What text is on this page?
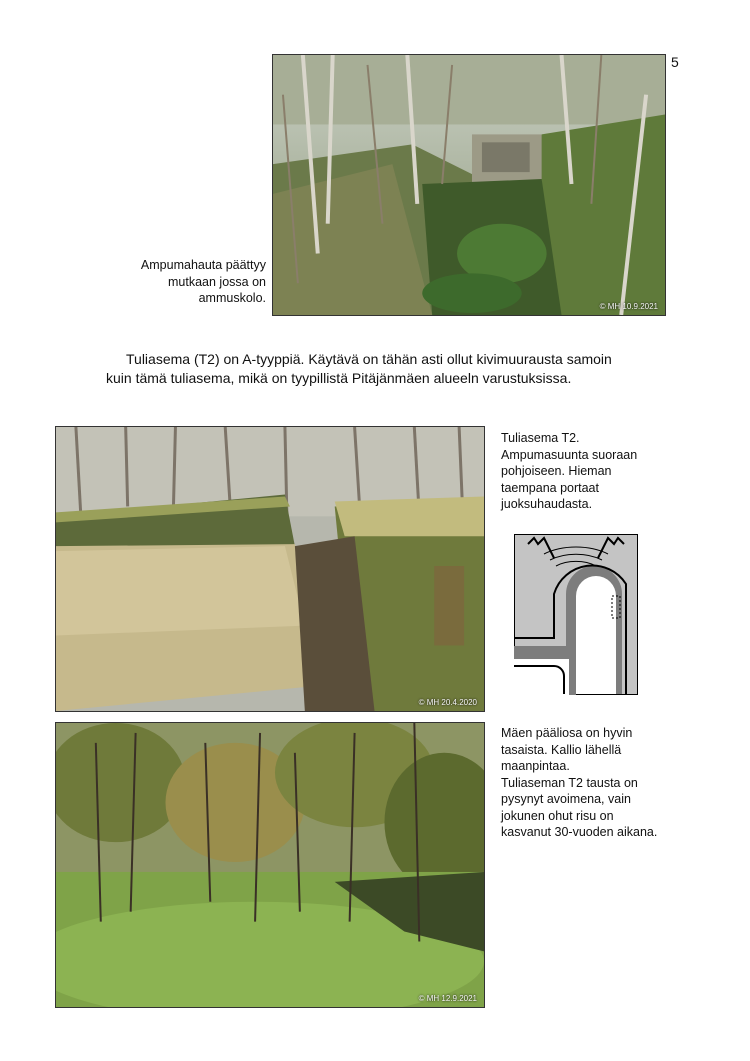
5
© MH 10.9.2021
Ampumahauta päättyy
mutkaan jossa on
ammuskolo.
Tuliasema (T2) on A-tyyppiä. Käytävä on tähän asti ollut kivimuurausta samoin
kuin tämä tuliasema, mikä on tyypillistä Pitäjänmäen alueeln varustuksissa.
© MH 20.4.2020
Tuliasema T2.
Ampumasuunta suoraan
pohjoiseen. Hieman
taempana portaat
juoksuhaudasta.
© MH 12.9.2021
Mäen pääliosa on hyvin
tasaista. Kallio lähellä
maanpintaa.
Tuliaseman T2 tausta on
pysynyt avoimena, vain
jokunen ohut risu on
kasvanut 30-vuoden aikana.
